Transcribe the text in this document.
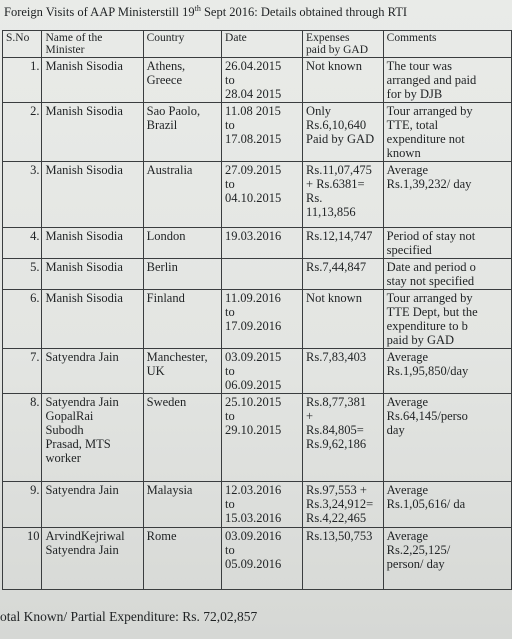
Foreign Visits of AAP Ministerstill 19th Sept 2016: Details obtained through RTI
S.No	Name of the
Minister	Country	Date	Expenses
paid by GAD	Comments
1.	Manish Sisodia	Athens,
Greece	26.04.2015
to
28.04 2015	Not known	The tour was
arranged and paid
for by DJB
2.	Manish Sisodia	Sao Paolo,
Brazil	11.08 2015
to
17.08.2015	Only
Rs.6,10,640
Paid by GAD	Tour arranged by
TTE, total
expenditure not
known
3.	Manish Sisodia	Australia	27.09.2015
to
04.10.2015	Rs.11,07,475
+ Rs.6381=
Rs.
11,13,856	Average
Rs.1,39,232/ day
4.	Manish Sisodia	London	19.03.2016	Rs.12,14,747	Period of stay not
specified
5.	Manish Sisodia	Berlin		Rs.7,44,847	Date and period o
stay not specified
6.	Manish Sisodia	Finland	11.09.2016
to
17.09.2016	Not known	Tour arranged by
TTE Dept, but the
expenditure to b
paid by GAD
7.	Satyendra Jain	Manchester,
UK	03.09.2015
to
06.09.2015	Rs.7,83,403	Average
Rs.1,95,850/day
8.	Satyendra Jain
GopalRai
Subodh
Prasad, MTS
worker	Sweden	25.10.2015
to
29.10.2015	Rs.8,77,381
+
Rs.84,805=
Rs.9,62,186	Average
Rs.64,145/perso
day
9.	Satyendra Jain	Malaysia	12.03.2016
to
15.03.2016	Rs.97,553 +
Rs.3,24,912=
Rs.4,22,465	Average
Rs.1,05,616/ da
10	ArvindKejriwal
Satyendra Jain	Rome	03.09.2016
to
05.09.2016	Rs.13,50,753	Average
Rs.2,25,125/
person/ day
otal Known/ Partial Expenditure: Rs. 72,02,857
